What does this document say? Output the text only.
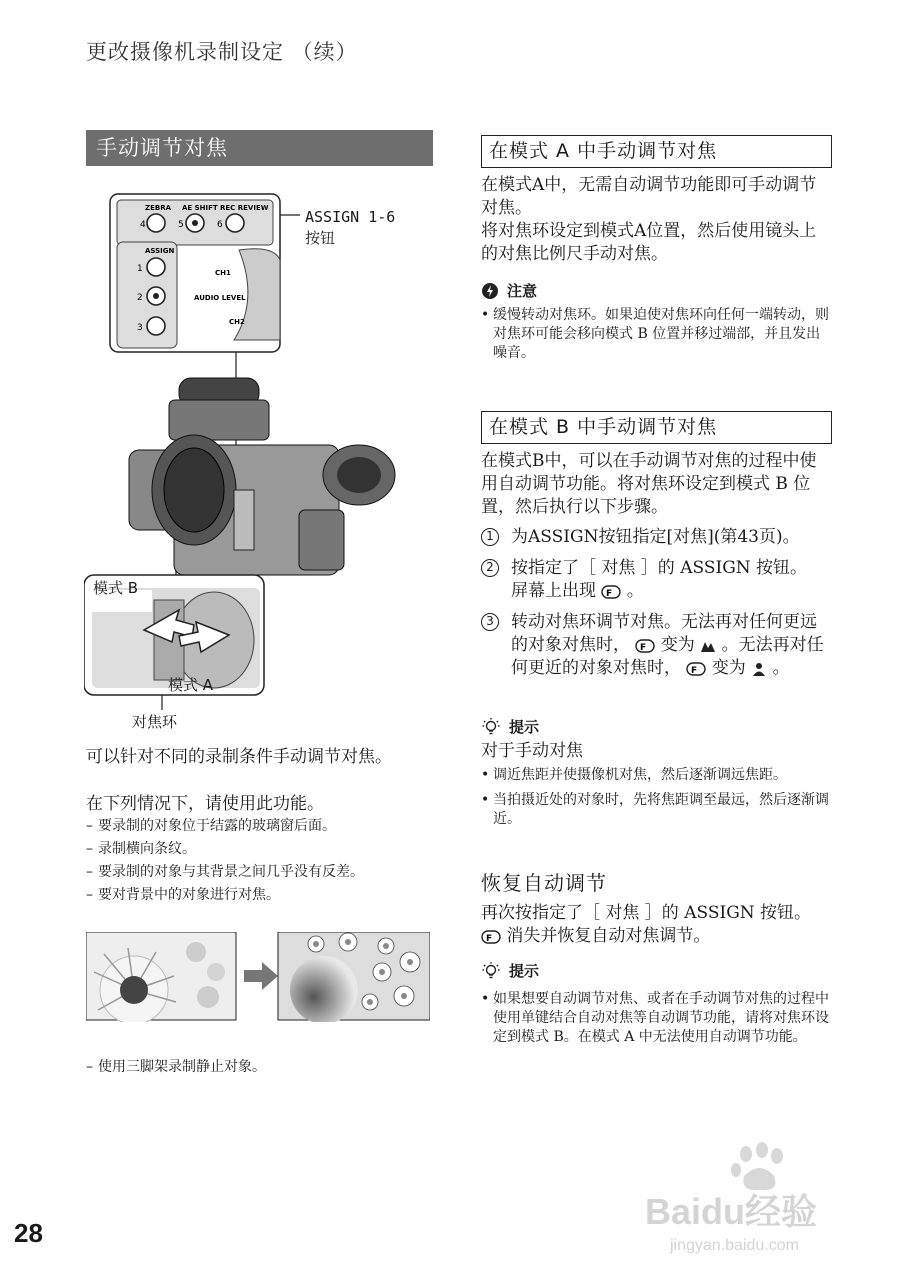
更改摄像机录制设定 （续）
手动调节对焦
ZEBRA AE SHIFT REC REVIEW
4	5	6
ASSIGN
1
2
3
CH1
AUDIO LEVEL
CH2
ASSIGN 1-6
按钮
模式 B
模式 A
对焦环
可以针对不同的录制条件手动调节对焦。
在下列情况下，请使用此功能。
– 要录制的对象位于结露的玻璃窗后面。
– 录制横向条纹。
– 要录制的对象与其背景之间几乎没有反差。
– 要对背景中的对象进行对焦。
– 使用三脚架录制静止对象。
在模式 A 中手动调节对焦
在模式A中，无需自动调节功能即可手动调节对焦。
将对焦环设定到模式A位置，然后使用镜头上的对焦比例尺手动对焦。
注意
• 缓慢转动对焦环。如果迫使对焦环向任何一端转动，则对焦环可能会移向模式 B 位置并移过端部，并且发出噪音。
在模式 B 中手动调节对焦
在模式B中，可以在手动调节对焦的过程中使用自动调节功能。将对焦环设定到模式 B 位置，然后执行以下步骤。
1	为ASSIGN按钮指定[对焦](第43页)。
2	按指定了［ 对焦 ］的 ASSIGN 按钮。
屏幕上出现 F 。
3	转动对焦环调节对焦。无法再对任何更远的对象对焦时， F 变为 。无法再对任何更近的对象对焦时， F 变为 。
提示
对于手动对焦
• 调近焦距并使摄像机对焦，然后逐渐调远焦距。
• 当拍摄近处的对象时，先将焦距调至最远，然后逐渐调近。
恢复自动调节
再次按指定了［ 对焦 ］的 ASSIGN 按钮。

F 消失并恢复自动对焦调节。
提示
• 如果想要自动调节对焦、或者在手动调节对焦的过程中使用单键结合自动对焦等自动调节功能，请将对焦环设定到模式 B。在模式 A 中无法使用自动调节功能。
28
Baidu经验
jingyan.baidu.com
